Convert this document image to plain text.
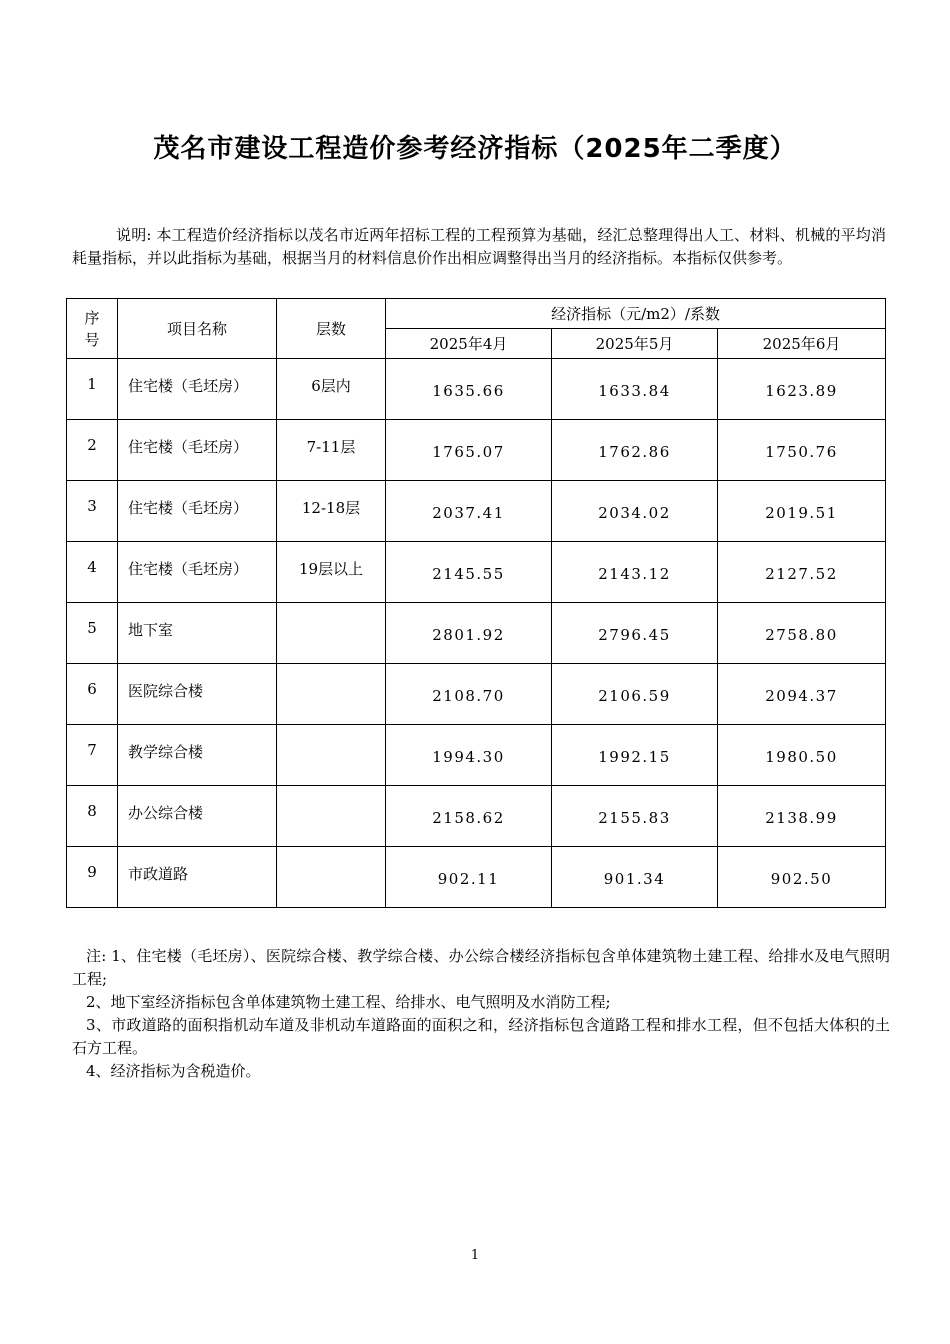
茂名市建设工程造价参考经济指标（2025年二季度）
说明: 本工程造价经济指标以茂名市近两年招标工程的工程预算为基础，经汇总整理得出人工、材料、机械的平均消耗量指标，并以此指标为基础，根据当月的材料信息价作出相应调整得出当月的经济指标。本指标仅供参考。
序号	项目名称	层数	经济指标（元/m2）/系数		
			2025年4月	2025年5月	2025年6月
1	住宅楼（毛坯房）	6层内	1635.66	1633.84	1623.89
2	住宅楼（毛坯房）	7-11层	1765.07	1762.86	1750.76
3	住宅楼（毛坯房）	12-18层	2037.41	2034.02	2019.51
4	住宅楼（毛坯房）	19层以上	2145.55	2143.12	2127.52
5	地下室		2801.92	2796.45	2758.80
6	医院综合楼		2108.70	2106.59	2094.37
7	教学综合楼		1994.30	1992.15	1980.50
8	办公综合楼		2158.62	2155.83	2138.99
9	市政道路		902.11	901.34	902.50

注: 1、住宅楼（毛坯房）、医院综合楼、教学综合楼、办公综合楼经济指标包含单体建筑物土建工程、给排水及电气照明工程;

2、地下室经济指标包含单体建筑物土建工程、给排水、电气照明及水消防工程;

3、市政道路的面积指机动车道及非机动车道路面的面积之和，经济指标包含道路工程和排水工程，但不包括大体积的土石方工程。

4、经济指标为含税造价。

1
